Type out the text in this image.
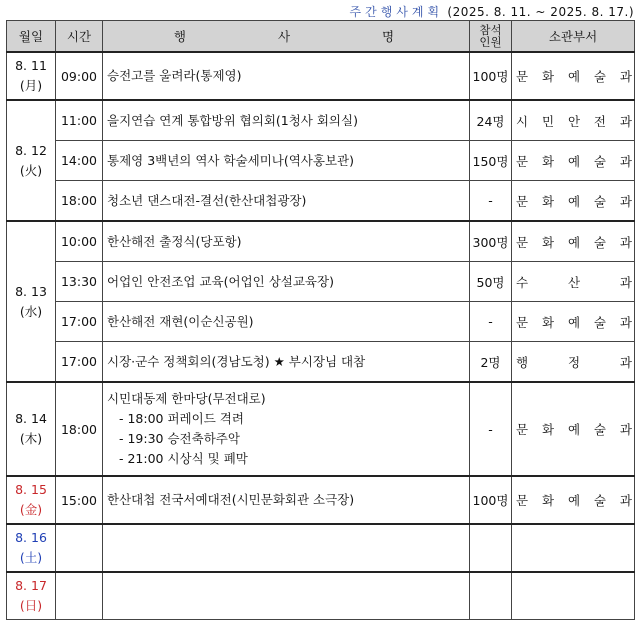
주간행사계획 (2025. 8. 11. ~ 2025. 8. 17.)
월일	시간	행 사 명	참석인원	소관부서

8. 11
(月)	09:00	승전고를 울려라(통제영)	100명	문 화 예 술 과

8. 12
(火)	11:00	을지연습 연계 통합방위 협의회(1청사 회의실)	24명	시 민 안 전 과

	14:00	통제영 3백년의 역사 학술세미나(역사홍보관)	150명	문 화 예 술 과

	18:00	청소년 댄스대전-결선(한산대첩광장)	-	문 화 예 술 과

8. 13
(水)	10:00	한산해전 출정식(당포항)	300명	문 화 예 술 과

	13:30	어업인 안전조업 교육(어업인 상설교육장)	50명	수 산 과

	17:00	한산해전 재현(이순신공원)	-	문 화 예 술 과

	17:00	시장·군수 정책회의(경남도청) ★ 부시장님 대참	2명	행 정 과

8. 14
(木)	18:00	시민대동제 한마당(무전대로)
- 18:00 퍼레이드 격려
- 19:30 승전축하주악
- 21:00 시상식 및 폐막	-	문 화 예 술 과

8. 15
(金)	15:00	한산대첩 전국서예대전(시민문화회관 소극장)	100명	문 화 예 술 과

8. 16
(土)				

8. 17
(日)				
